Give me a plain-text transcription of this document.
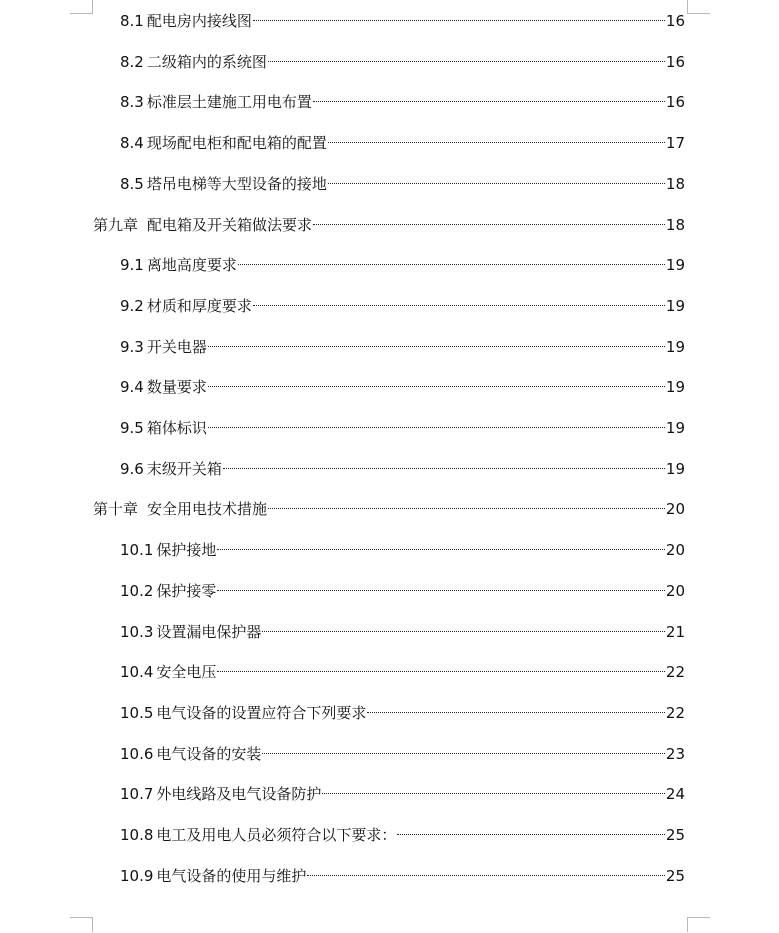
8.1 配电房内接线图	16
8.2 二级箱内的系统图	16
8.3 标准层土建施工用电布置	16
8.4 现场配电柜和配电箱的配置	17
8.5 塔吊电梯等大型设备的接地	18
第九章 配电箱及开关箱做法要求	18
9.1 离地高度要求	19
9.2 材质和厚度要求	19
9.3 开关电器	19
9.4 数量要求	19
9.5 箱体标识	19
9.6 末级开关箱	19
第十章 安全用电技术措施	20
10.1 保护接地	20
10.2 保护接零	20
10.3 设置漏电保护器	21
10.4 安全电压	22
10.5 电气设备的设置应符合下列要求	22
10.6 电气设备的安装	23
10.7 外电线路及电气设备防护	24
10.8 电工及用电人员必须符合以下要求：	25
10.9 电气设备的使用与维护	25
